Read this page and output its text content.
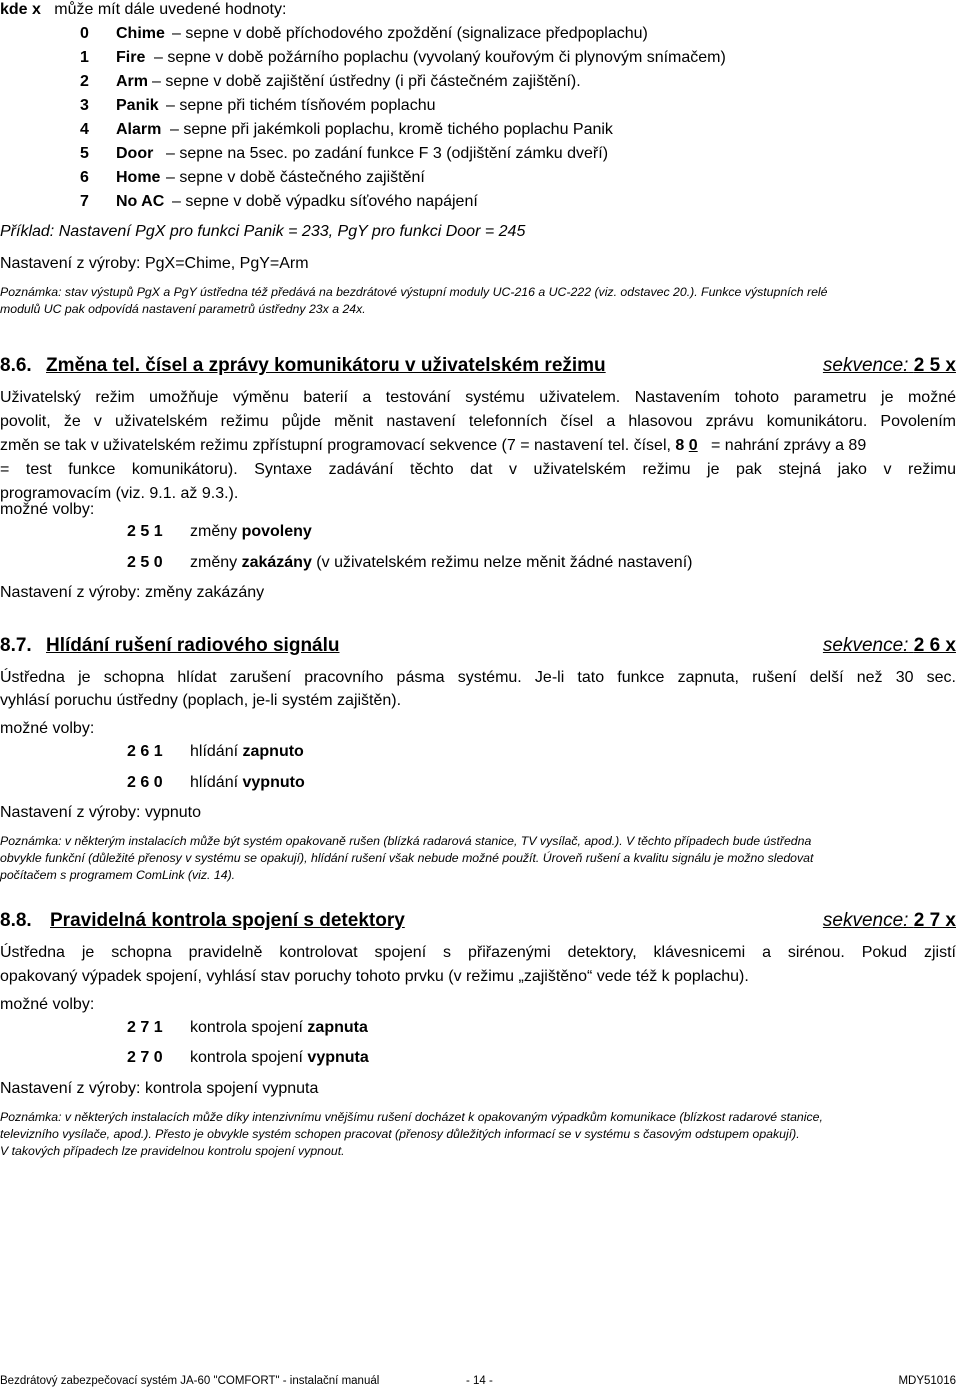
kde x může mít dále uvedené hodnoty:
0 Chime – sepne v době příchodového zpoždění (signalizace předpoplachu)
1 Fire – sepne v době požárního poplachu (vyvolaný kouřovým či plynovým snímačem)
2 Arm – sepne v době zajištění ústředny (i při částečném zajištění).
3 Panik – sepne při tichém tísňovém poplachu
4 Alarm – sepne při jakémkoli poplachu, kromě tichého poplachu Panik
5 Door – sepne na 5sec. po zadání funkce F 3 (odjištění zámku dveří)
6 Home – sepne v době částečného zajištění
7 No AC – sepne v době výpadku síťového napájení
Příklad: Nastavení PgX pro funkci Panik = 233, PgY pro funkci Door = 245
Nastavení z výroby: PgX=Chime, PgY=Arm
Poznámka: stav výstupů PgX a PgY ústředna též předává na bezdrátové výstupní moduly UC-216 a UC-222 (viz. odstavec 20.). Funkce výstupních relé
modulů UC pak odpovídá nastavení parametrů ústředny 23x a 24x.
8.6. Změna tel. čísel a zprávy komunikátoru v uživatelském režimu	sekvence: 2 5 x
Uživatelský režim umožňuje výměnu baterií a testování systému uživatelem. Nastavením tohoto parametru je možné
povolit, že v uživatelském režimu půjde měnit nastavení telefonních čísel a hlasovou zprávu komunikátoru. Povolením
změn se tak v uživatelském režimu zpřístupní programovací sekvence (7 = nastavení tel. čísel, 8 0 = nahrání zprávy a 89
= test funkce komunikátoru). Syntaxe zadávání těchto dat v uživatelském režimu je pak stejná jako v režimu
programovacím (viz. 9.1. až 9.3.).
možné volby:
2 5 1 změny povoleny
2 5 0 změny zakázány (v uživatelském režimu nelze měnit žádné nastavení)
Nastavení z výroby: změny zakázány
8.7. Hlídání rušení radiového signálu	sekvence: 2 6 x
Ústředna je schopna hlídat zarušení pracovního pásma systému. Je-li tato funkce zapnuta, rušení delší než 30 sec.
vyhlásí poruchu ústředny (poplach, je-li systém zajištěn).
možné volby:
2 6 1 hlídání zapnuto
2 6 0 hlídání vypnuto
Nastavení z výroby: vypnuto
Poznámka: v některým instalacích může být systém opakovaně rušen (blízká radarová stanice, TV vysílač, apod.). V těchto případech bude ústředna
obvykle funkční (důležité přenosy v systému se opakují), hlídání rušení však nebude možné použít. Úroveň rušení a kvalitu signálu je možno sledovat
počítačem s programem ComLink (viz. 14).
8.8. Pravidelná kontrola spojení s detektory	sekvence: 2 7 x
Ústředna je schopna pravidelně kontrolovat spojení s přiřazenými detektory, klávesnicemi a sirénou. Pokud zjistí
opakovaný výpadek spojení, vyhlásí stav poruchy tohoto prvku (v režimu „zajištěno“ vede též k poplachu).
možné volby:
2 7 1 kontrola spojení zapnuta
2 7 0 kontrola spojení vypnuta
Nastavení z výroby: kontrola spojení vypnuta
Poznámka: v některých instalacích může díky intenzivnímu vnějšímu rušení docházet k opakovaným výpadkům komunikace (blízkost radarové stanice,
televizního vysílače, apod.). Přesto je obvykle systém schopen pracovat (přenosy důležitých informací se v systému s časovým odstupem opakují).
V takových případech lze pravidelnou kontrolu spojení vypnout.
Bezdrátový zabezpečovací systém JA-60 "COMFORT" - instalační manuál	- 14 -	MDY51016
